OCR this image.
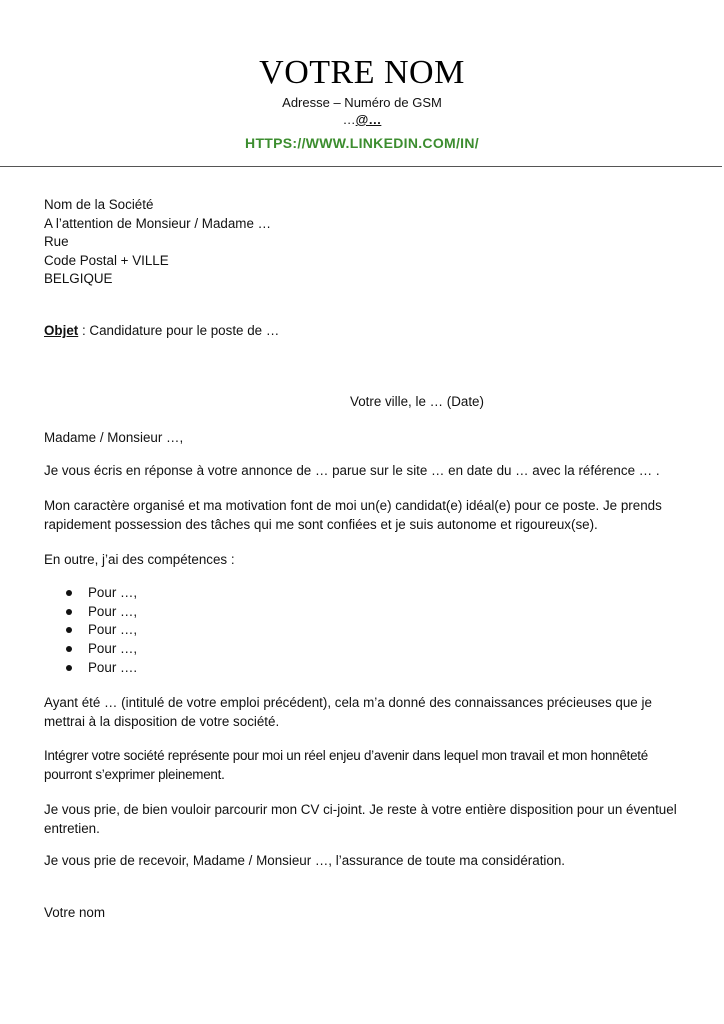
VOTRE NOM
Adresse – Numéro de GSM
…@…
HTTPS://WWW.LINKEDIN.COM/IN/
Nom de la Société
A l’attention de Monsieur / Madame …
Rue
Code Postal + VILLE
BELGIQUE
Objet : Candidature pour le poste de …
Votre ville, le … (Date)
Madame / Monsieur …,
Je vous écris en réponse à votre annonce de … parue sur le site … en date du … avec la référence … .
Mon caractère organisé et ma motivation font de moi un(e) candidat(e) idéal(e) pour ce poste. Je prends rapidement possession des tâches qui me sont confiées et je suis autonome et rigoureux(se).
En outre, j’ai des compétences :
Pour …,
Pour …,
Pour …,
Pour …,
Pour ….
Ayant été … (intitulé de votre emploi précédent), cela m’a donné des connaissances précieuses que je mettrai à la disposition de votre société.
Intégrer votre société représente pour moi un réel enjeu d’avenir dans lequel mon travail et mon honnêteté pourront s’exprimer pleinement.
Je vous prie, de bien vouloir parcourir mon CV ci-joint. Je reste à votre entière disposition pour un éventuel entretien.
Je vous prie de recevoir, Madame / Monsieur …, l’assurance de toute ma considération.
Votre nom
